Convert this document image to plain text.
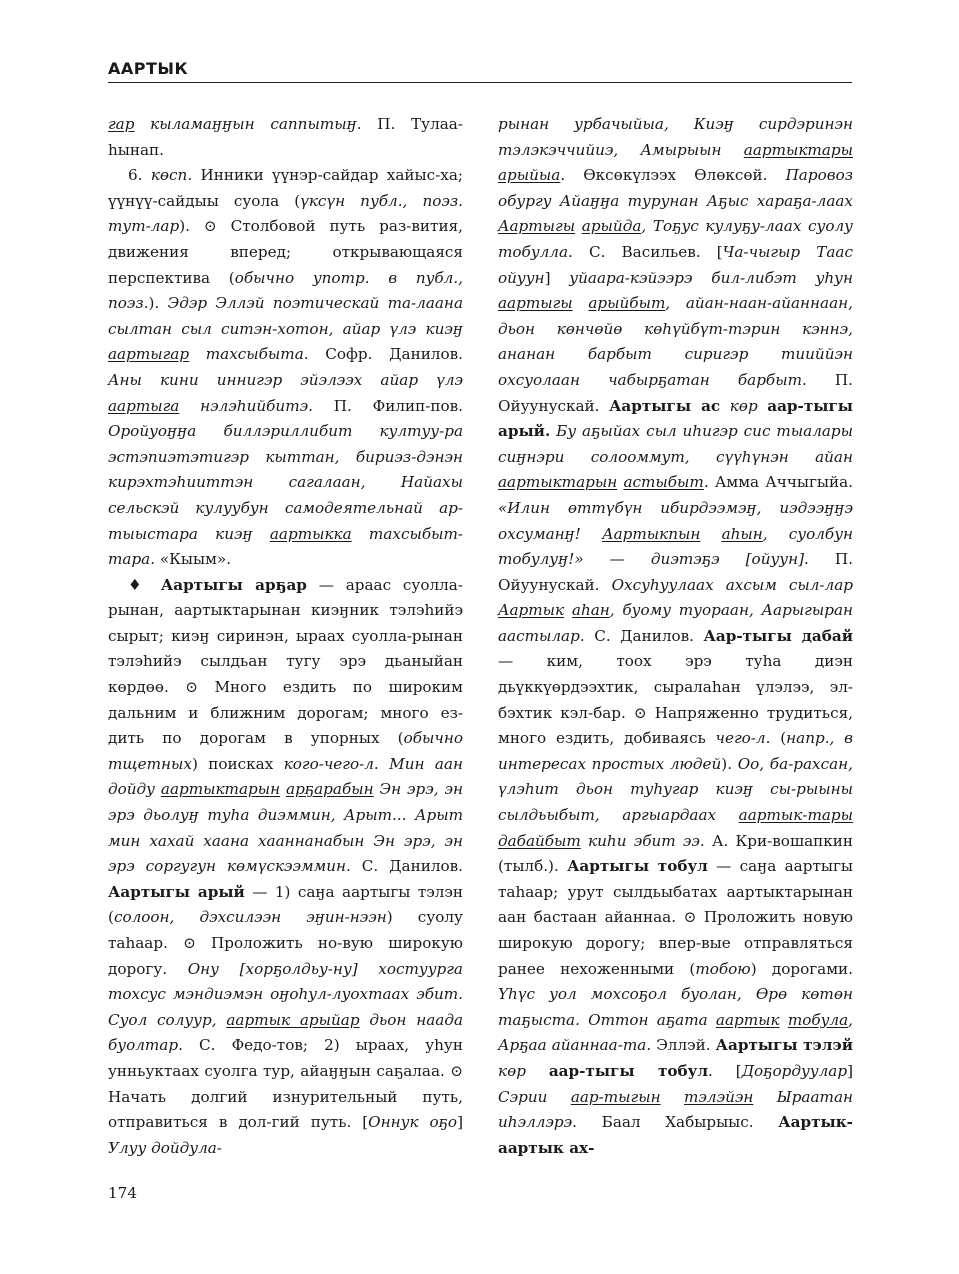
ААРТЫК

гар кыламаӈӈын саппытыӈ. П. Тулаа-hынап.

6. көсп. Инники үүнэр-сайдар хайыс-ха; үүнүү-сайдыы суола (үксүн публ., поэз. тут-лар). ⊙ Столбовой путь раз-вития, движения вперед; открывающаяся перспектива (обычно употр. в публ., поэз.). Эдэр Эллэй поэтическай та-лаана сылтан сыл ситэн-хотон, айар үлэ киэӈ аартыгар тахсыбыта. Софр. Данилов. Аны кини иннигэр эйэлээх айар үлэ аартыга нэлэhийбитэ. П. Филип-пов. Оройуоӈӈа биллэриллибит култуу-ра эстэпиэтэтигэр кыттан, бириэз-дэнэн кирэхтэhииттэн сагалаан, Найахы сельскэй кулуубун самодеятельнай ар-тыыстара киэӈ аартыкка тахсыбыт-тара. «Кыым».

♦ Аартыгы арҕар — араас суолла-рынан, аартыктарынан киэӈник тэлэhийэ сырыт; киэӈ сиринэн, ыраах суолла-рынан тэлэhийэ сылдьан тугу эрэ дьаныйан көрдөө. ⊙ Много ездить по широким дальним и ближним дорогам; много ез-дить по дорогам в упорных (обычно тщетных) поисках кого-чего-л. Мин аан дойду аартыктарын арҕарабын Эн эрэ, эн эрэ дьолуӈ туhа диэммин, Арыт... Арыт мин хахай хаана хааннанабын Эн эрэ, эн эрэ соргугун көмүскээммин. С. Данилов. Аартыгы арый — 1) саӈа аартыгы тэлэн (солоон, дэхсилээн эӈин-нээн) суолу таhаар. ⊙ Проложить но-вую широкую дорогу. Ону [хорҕолдьу-ну] хостуурга тохсус мэндиэмэн оӈоhул-луохтаах эбит. Суол солуур, аартык арыйар дьон наада буолтар. С. Федо-тов; 2) ыраах, уhун унньуктаах суолга тур, айаӈӈын саҕалаа. ⊙ Начать долгий изнурительный путь, отправиться в дол-гий путь. [Оннук оҕо] Улуу дойдула-

рынан урбачыйыа, Киэӈ сирдэринэн тэлэкэччийиэ, Амырыын аартыктары арыйыа. Өксөкүлээх Өлөксөй. Паровоз обургу Айаӈӈа турунан Аҕыс хараҕа-лаах Аартыгы арыйда, Тоҕус кулуҕу-лаах суолу тобулла. С. Васильев. [Ча-чыгыр Таас ойуун] уйаара-кэйээрэ бил-либэт уhун аартыгы арыйбыт, айан-наан-айаннаан, дьон көнчөйө көhүйбүт-тэрин кэннэ, ананан барбыт сиригэр тииййэн охсуолаан чабырҕатан барбыт. П. Ойуунускай. Аартыгы ас көр аар-тыгы арый. Бу аҕыйах сыл иhигэр сис тыалары сиӈнэри солооммут, сүүhүнэн айан аартыктарын астыбыт. Амма Аччыгыйа. «Илин өттүбүн ибирдээмэӈ, иэдээӈӈэ охсуманӈ! Аартыкпын аhын, суолбун тобулуӈ!» — диэтэҕэ [ойуун]. П. Ойуунускай. Охсуhуулаах ахсым сыл-лар Аартык аhан, буому туораан, Аарыгыран аастылар. С. Данилов. Аар-тыгы дабай — ким, тоох эрэ туhа диэн дьүккүөрдээхтик, сыралаhан үлэлээ, эл-бэхтик кэл-бар. ⊙ Напряженно трудиться, много ездить, добиваясь чего-л. (напр., в интересах простых людей). Оо, ба-рахсан, үлэhит дьон туhугар киэӈ сы-рыыны сылдьыбыт, аргыардаах аартык-тары дабайбыт киhи эбит ээ. А. Кри-вошапкин (тылб.). Аартыгы тобул — саӈа аартыгы таhаар; урут сылдьыбатах аартыктарынан аан бастаан айаннаа. ⊙ Проложить новую широкую дорогу; впер-вые отправляться ранее нехоженными (тобою) дорогами. Үhүс уол мохсоҕол буолан, Өрө көтөн таҕыста. Оттон аҕата аартык тобула, Арҕаа айаннаа-та. Эллэй. Аартыгы тэлэй көр аар-тыгы тобул. [Доҕордуулар] Сэрии аар-тыгын тэлэйэн Ыраатан иhэллэрэ. Баал Хабырыыс. Аартык-аартык ах-

174
